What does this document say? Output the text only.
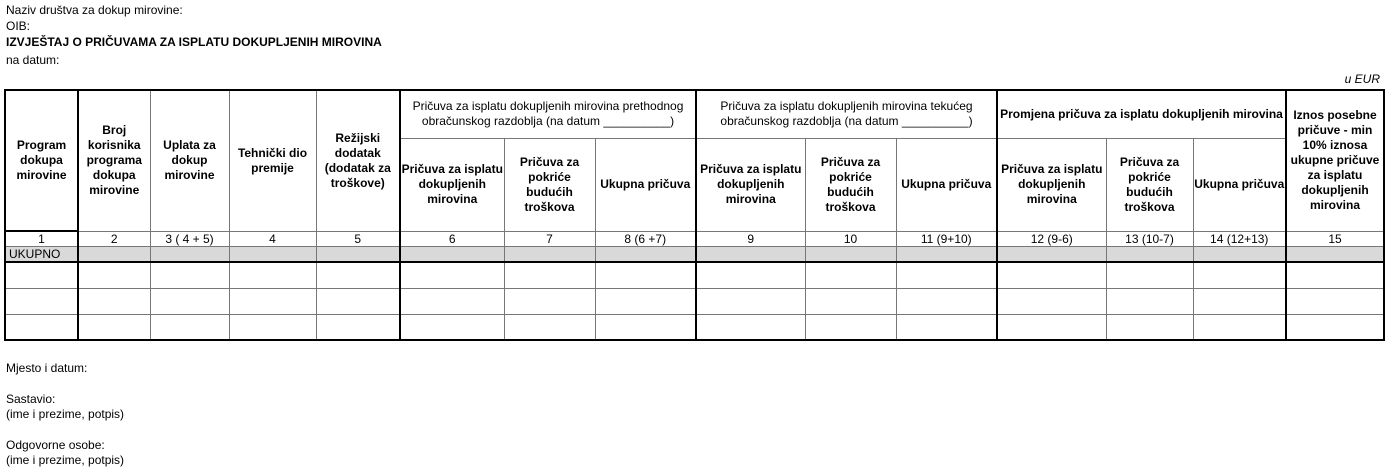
Naziv društva za dokup mirovine:
OIB:
IZVJEŠTAJ O PRIČUVAMA ZA ISPLATU DOKUPLJENIH MIROVINA
na datum:
u EUR
Program dokupa mirovine	Broj korisnika programa dokupa mirovine	Uplata za dokup mirovine	Tehnički dio premije	Režijski dodatak (dodatak za troškove)	Pričuva za isplatu dokupljenih mirovina prethodnog obračunskog razdoblja (na datum __________)			Pričuva za isplatu dokupljenih mirovina tekućeg obračunskog razdoblja (na datum __________)			Promjena pričuva za isplatu dokupljenih mirovina			Iznos posebne pričuve - min 10% iznosa ukupne pričuve za isplatu dokupljenih mirovina
					Pričuva za isplatu dokupljenih mirovina	Pričuva za pokriće budućih troškova	Ukupna pričuva	Pričuva za isplatu dokupljenih mirovina	Pričuva za pokriće budućih troškova	Ukupna pričuva	Pričuva za isplatu dokupljenih mirovina	Pričuva za pokriće budućih troškova	Ukupna pričuva	
1	2	3 ( 4 + 5)	4	5	6	7	8 (6 +7)	9	10	11 (9+10)	12 (9-6)	13 (10-7)	14 (12+13)	15
UKUPNO														

Mjesto i datum:
Sastavio:
(ime i prezime, potpis)
Odgovorne osobe:
(ime i prezime, potpis)
